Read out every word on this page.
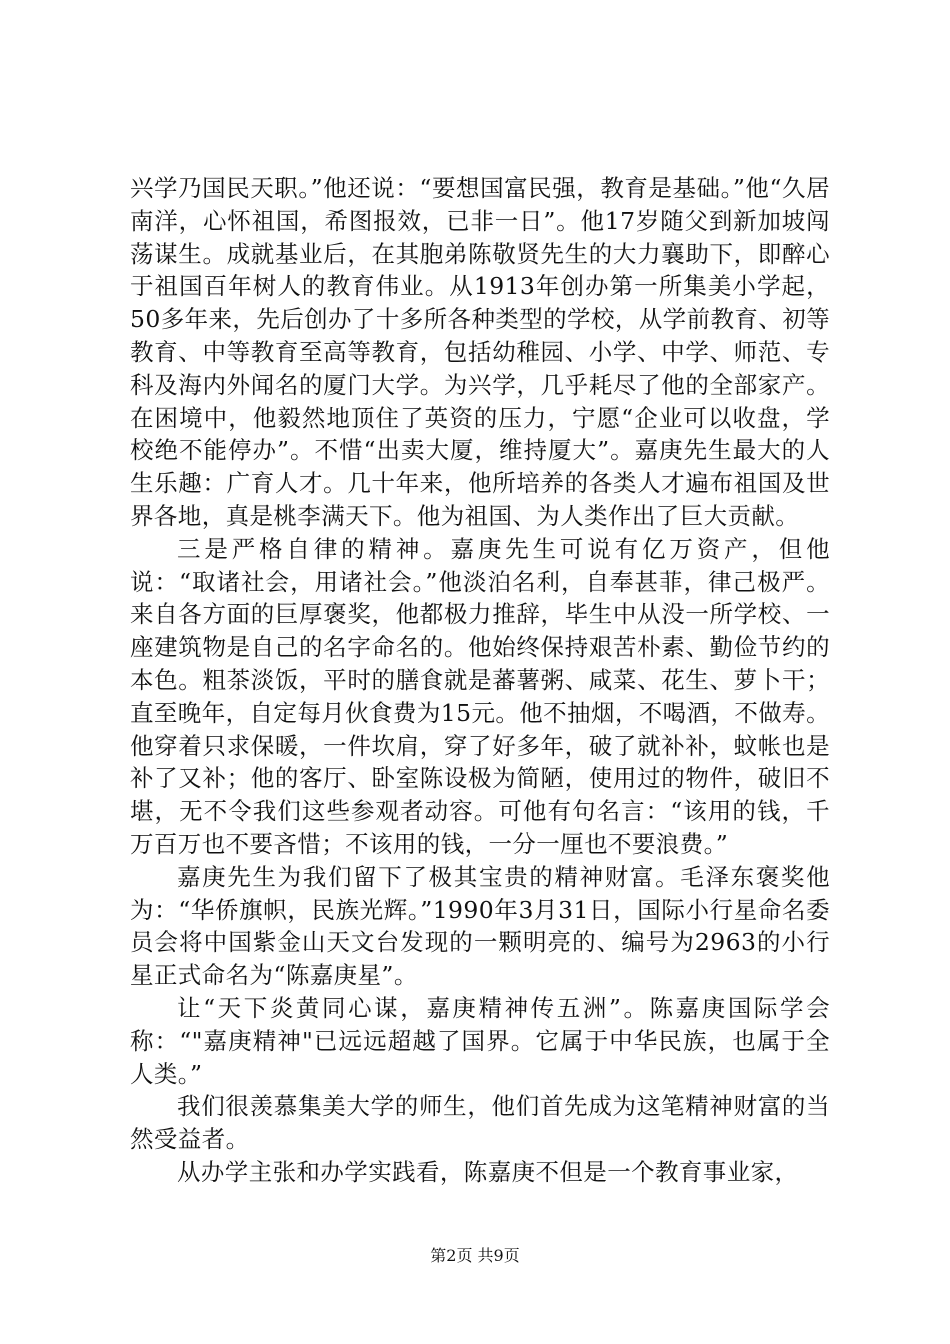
兴学乃国民天职。”他还说：“要想国富民强，教育是基础。”他“久居南洋，心怀祖国，希图报效，已非一日”。他17岁随父到新加坡闯荡谋生。成就基业后，在其胞弟陈敬贤先生的大力襄助下，即醉心于祖国百年树人的教育伟业。从1913年创办第一所集美小学起，50多年来，先后创办了十多所各种类型的学校，从学前教育、初等教育、中等教育至高等教育，包括幼稚园、小学、中学、师范、专科及海内外闻名的厦门大学。为兴学，几乎耗尽了他的全部家产。在困境中，他毅然地顶住了英资的压力，宁愿“企业可以收盘，学校绝不能停办”。不惜“出卖大厦，维持厦大”。嘉庚先生最大的人生乐趣：广育人才。几十年来，他所培养的各类人才遍布祖国及世界各地，真是桃李满天下。他为祖国、为人类作出了巨大贡献。

三是严格自律的精神。嘉庚先生可说有亿万资产，但他说：“取诸社会，用诸社会。”他淡泊名利，自奉甚菲，律己极严。来自各方面的巨厚褒奖，他都极力推辞，毕生中从没一所学校、一座建筑物是自己的名字命名的。他始终保持艰苦朴素、勤俭节约的本色。粗茶淡饭，平时的膳食就是蕃薯粥、咸菜、花生、萝卜干；直至晚年，自定每月伙食费为15元。他不抽烟，不喝酒，不做寿。他穿着只求保暖，一件坎肩，穿了好多年，破了就补补，蚊帐也是补了又补；他的客厅、卧室陈设极为简陋，使用过的物件，破旧不堪，无不令我们这些参观者动容。可他有句名言：“该用的钱，千万百万也不要吝惜；不该用的钱，一分一厘也不要浪费。”

嘉庚先生为我们留下了极其宝贵的精神财富。毛泽东褒奖他为：“华侨旗帜，民族光辉。”1990年3月31日，国际小行星命名委员会将中国紫金山天文台发现的一颗明亮的、编号为2963的小行星正式命名为“陈嘉庚星”。

让“天下炎黄同心谋，嘉庚精神传五洲”。陈嘉庚国际学会称：“"嘉庚精神"已远远超越了国界。它属于中华民族，也属于全人类。”

我们很羡慕集美大学的师生，他们首先成为这笔精神财富的当然受益者。

从办学主张和办学实践看，陈嘉庚不但是一个教育事业家，

第2页 共9页
